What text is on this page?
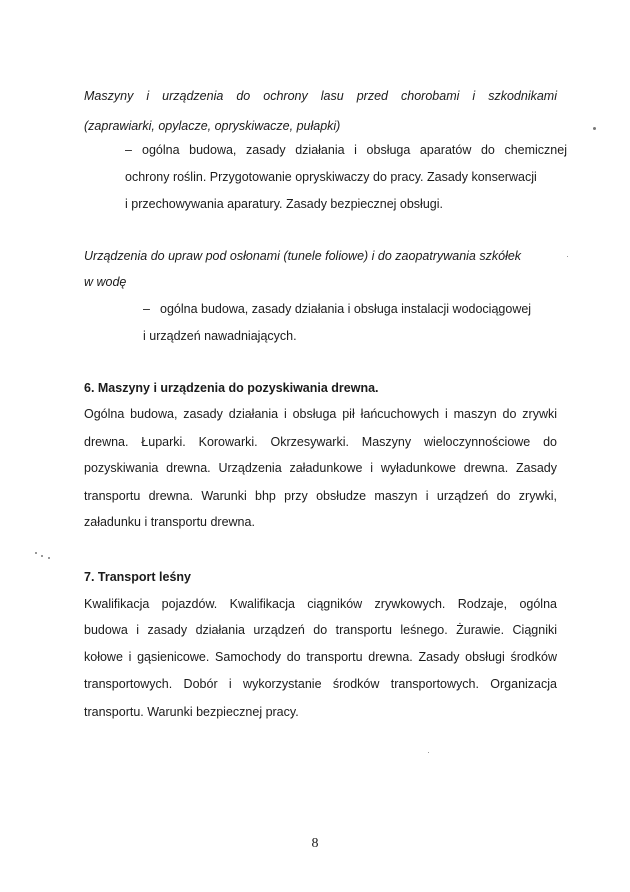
Maszyny i urządzenia do ochrony lasu przed chorobami i szkodnikami
(zaprawiarki, opylacze, opryskiwacze, pułapki)
– ogólna budowa, zasady działania i obsługa aparatów do chemicznej
ochrony roślin. Przygotowanie opryskiwaczy do pracy. Zasady konserwacji
i przechowywania aparatury. Zasady bezpiecznej obsługi.
Urządzenia do upraw pod osłonami (tunele foliowe) i do zaopatrywania szkółek
w wodę
– ogólna budowa, zasady działania i obsługa instalacji wodociągowej
i urządzeń nawadniających.
6. Maszyny i urządzenia do pozyskiwania drewna.
Ogólna budowa, zasady działania i obsługa pił łańcuchowych i maszyn do zrywki
drewna. Łuparki. Korowarki. Okrzesywarki. Maszyny wieloczynnościowe do
pozyskiwania drewna. Urządzenia załadunkowe i wyładunkowe drewna. Zasady
transportu drewna. Warunki bhp przy obsłudze maszyn i urządzeń do zrywki,
załadunku i transportu drewna.
7. Transport leśny
Kwalifikacja pojazdów. Kwalifikacja ciągników zrywkowych. Rodzaje, ogólna
budowa i zasady działania urządzeń do transportu leśnego. Żurawie. Ciągniki
kołowe i gąsienicowe. Samochody do transportu drewna. Zasady obsługi środków
transportowych. Dobór i wykorzystanie środków transportowych. Organizacja
transportu. Warunki bezpiecznej pracy.
8
